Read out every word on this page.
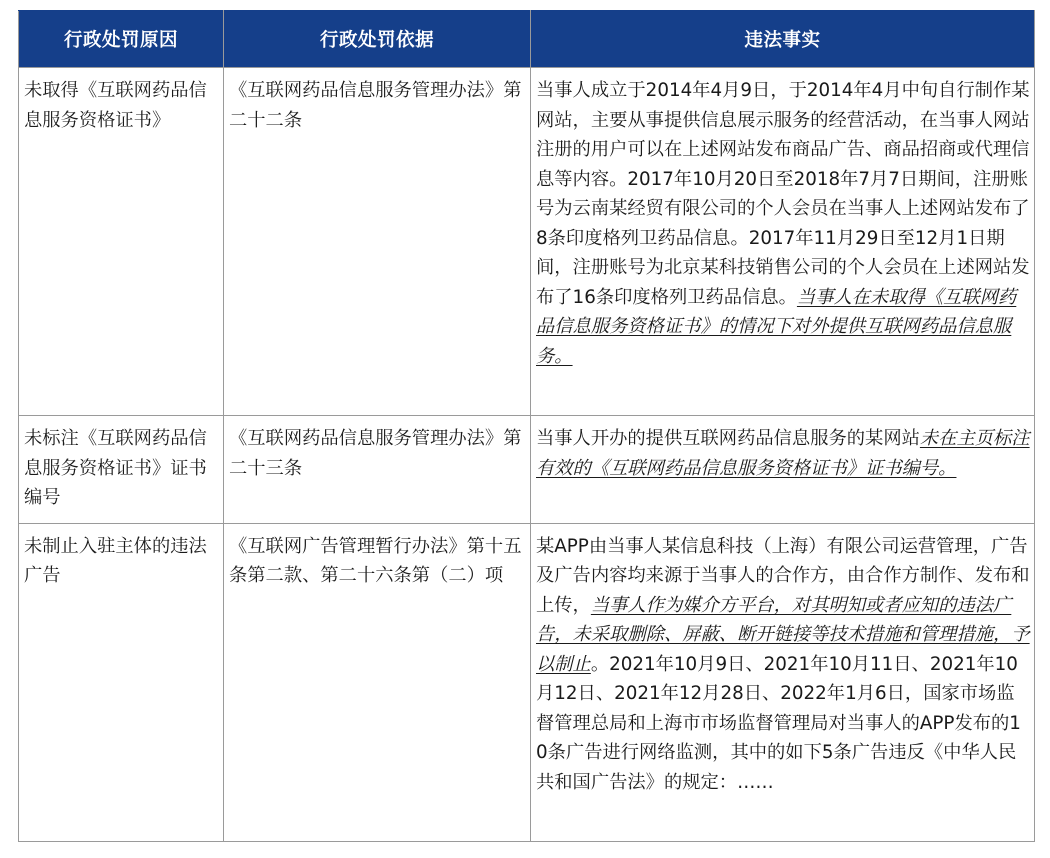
行政处罚原因	行政处罚依据	违法事实
未取得《互联网药品信息服务资格证书》	《互联网药品信息服务管理办法》第二十二条	当事人成立于2014年4月9日，于2014年4月中旬自行制作某网站，主要从事提供信息展示服务的经营活动，在当事人网站注册的用户可以在上述网站发布商品广告、商品招商或代理信息等内容。2017年10月20日至2018年7月7日期间，注册账号为云南某经贸有限公司的个人会员在当事人上述网站发布了8条印度格列卫药品信息。2017年11月29日至12月1日期间，注册账号为北京某科技销售公司的个人会员在上述网站发布了16条印度格列卫药品信息。当事人在未取得《互联网药品信息服务资格证书》的情况下对外提供互联网药品信息服务。
未标注《互联网药品信息服务资格证书》证书编号	《互联网药品信息服务管理办法》第二十三条	当事人开办的提供互联网药品信息服务的某网站未在主页标注有效的《互联网药品信息服务资格证书》证书编号。
未制止入驻主体的违法广告	《互联网广告管理暂行办法》第十五条第二款、第二十六条第（二）项	某APP由当事人某信息科技（上海）有限公司运营管理，广告及广告内容均来源于当事人的合作方，由合作方制作、发布和上传，当事人作为媒介方平台，对其明知或者应知的违法广告，未采取删除、屏蔽、断开链接等技术措施和管理措施，予以制止。2021年10月9日、2021年10月11日、2021年10月12日、2021年12月28日、2022年1月6日，国家市场监督管理总局和上海市市场监督管理局对当事人的APP发布的10条广告进行网络监测，其中的如下5条广告违反《中华人民共和国广告法》的规定：……
